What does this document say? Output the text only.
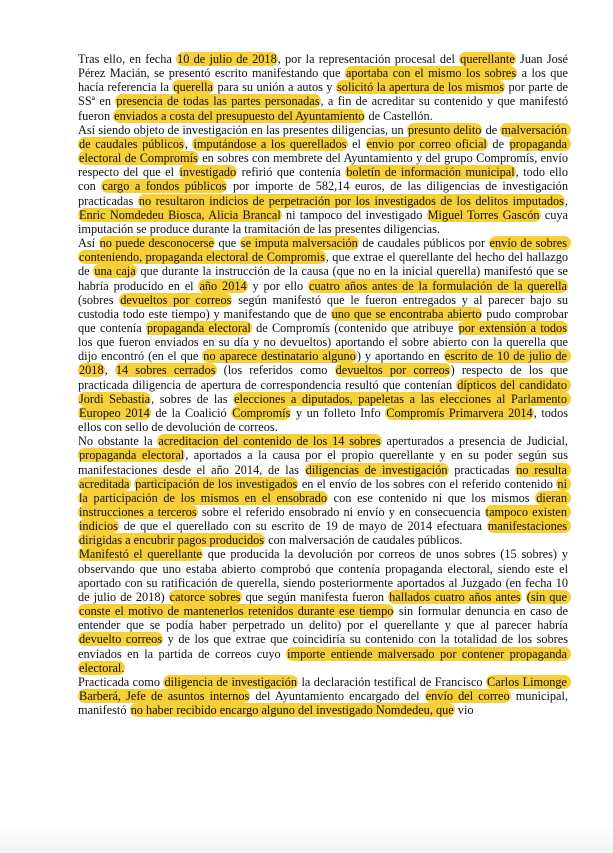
Tras ello, en fecha 10 de julio de 2018, por la representación procesal del querellante Juan José Pérez Macián, se presentó escrito manifestando que aportaba con el mismo los sobres a los que hacía referencia la querella para su unión a autos y solicitó la apertura de los mismos por parte de SSª en presencia de todas las partes personadas, a fin de acreditar su contenido y que manifestó fueron enviados a costa del presupuesto del Ayuntamiento de Castellón.

Así siendo objeto de investigación en las presentes diligencias, un presunto delito de malversación de caudales públicos, imputándose a los querellados el envio por correo oficial de propaganda electoral de Compromís en sobres con membrete del Ayuntamiento y del grupo Compromís, envío respecto del que el investigado refirió que contenía boletín de información municipal, todo ello con cargo a fondos públicos por importe de 582,14 euros, de las diligencias de investigación practicadas no resultaron indicios de perpetración por los investigados de los delitos imputados, Enric Nomdedeu Biosca, Alicia Brancal ni tampoco del investigado Miguel Torres Gascón cuya imputación se produce durante la tramitación de las presentes diligencias.

Así no puede desconocerse que se imputa malversación de caudales públicos por envío de sobres conteniendo, propaganda electoral de Compromis, que extrae el querellante del hecho del hallazgo de una caja que durante la instrucción de la causa (que no en la inicial querella) manifestó que se habría producido en el año 2014 y por ello cuatro años antes de la formulación de la querella (sobres devueltos por correos según manifestó que le fueron entregados y al parecer bajo su custodia todo este tiempo) y manifestando que de uno que se encontraba abierto pudo comprobar que contenía propaganda electoral de Compromís (contenido que atribuye por extensión a todos los que fueron enviados en su día y no devueltos) aportando el sobre abierto con la querella que dijo encontró (en el que no aparece destinatario alguno) y aportando en escrito de 10 de julio de 2018, 14 sobres cerrados (los referidos como devueltos por correos) respecto de los que practicada diligencia de apertura de correspondencia resultó que contenían dípticos del candidato Jordi Sebastia, sobres de las elecciones a diputados, papeletas a las elecciones al Parlamento Europeo 2014 de la Coalició Compromís y un folleto Info Compromís Primarvera 2014, todos ellos con sello de devolución de correos.

No obstante la acreditacion del contenido de los 14 sobres aperturados a presencia de Judicial, propaganda electoral, aportados a la causa por el propio querellante y en su poder según sus manifestaciones desde el año 2014, de las diligencias de investigación practicadas no resulta acreditada participación de los investigados en el envío de los sobres con el referido contenido ni la participación de los mismos en el ensobrado con ese contenido ni que los mismos dieran instrucciones a terceros sobre el referido ensobrado ni envío y en consecuencia tampoco existen indicios de que el querellado con su escrito de 19 de mayo de 2014 efectuara manifestaciones dirigidas a encubrir pagos producidos con malversación de caudales públicos.

Manifestó el querellante que producida la devolución por correos de unos sobres (15 sobres) y observando que uno estaba abierto comprobó que contenía propaganda electoral, siendo este el aportado con su ratificación de querella, siendo posteriormente aportados al Juzgado (en fecha 10 de julio de 2018) catorce sobres que según manifesta fueron hallados cuatro años antes (sin que conste el motivo de mantenerlos retenidos durante ese tiempo sin formular denuncia en caso de entender que se podía haber perpetrado un delito) por el querellante y que al parecer habría devuelto correos y de los que extrae que coincidiría su contenido con la totalidad de los sobres enviados en la partida de correos cuyo importe entiende malversado por contener propaganda electoral.

Practicada como diligencia de investigación la declaración testifical de Francisco Carlos Limonge Barberá, Jefe de asuntos internos del Ayuntamiento encargado del envío del correo municipal, manifestó no haber recibido encargo alguno del investigado Nomdedeu, que vio
